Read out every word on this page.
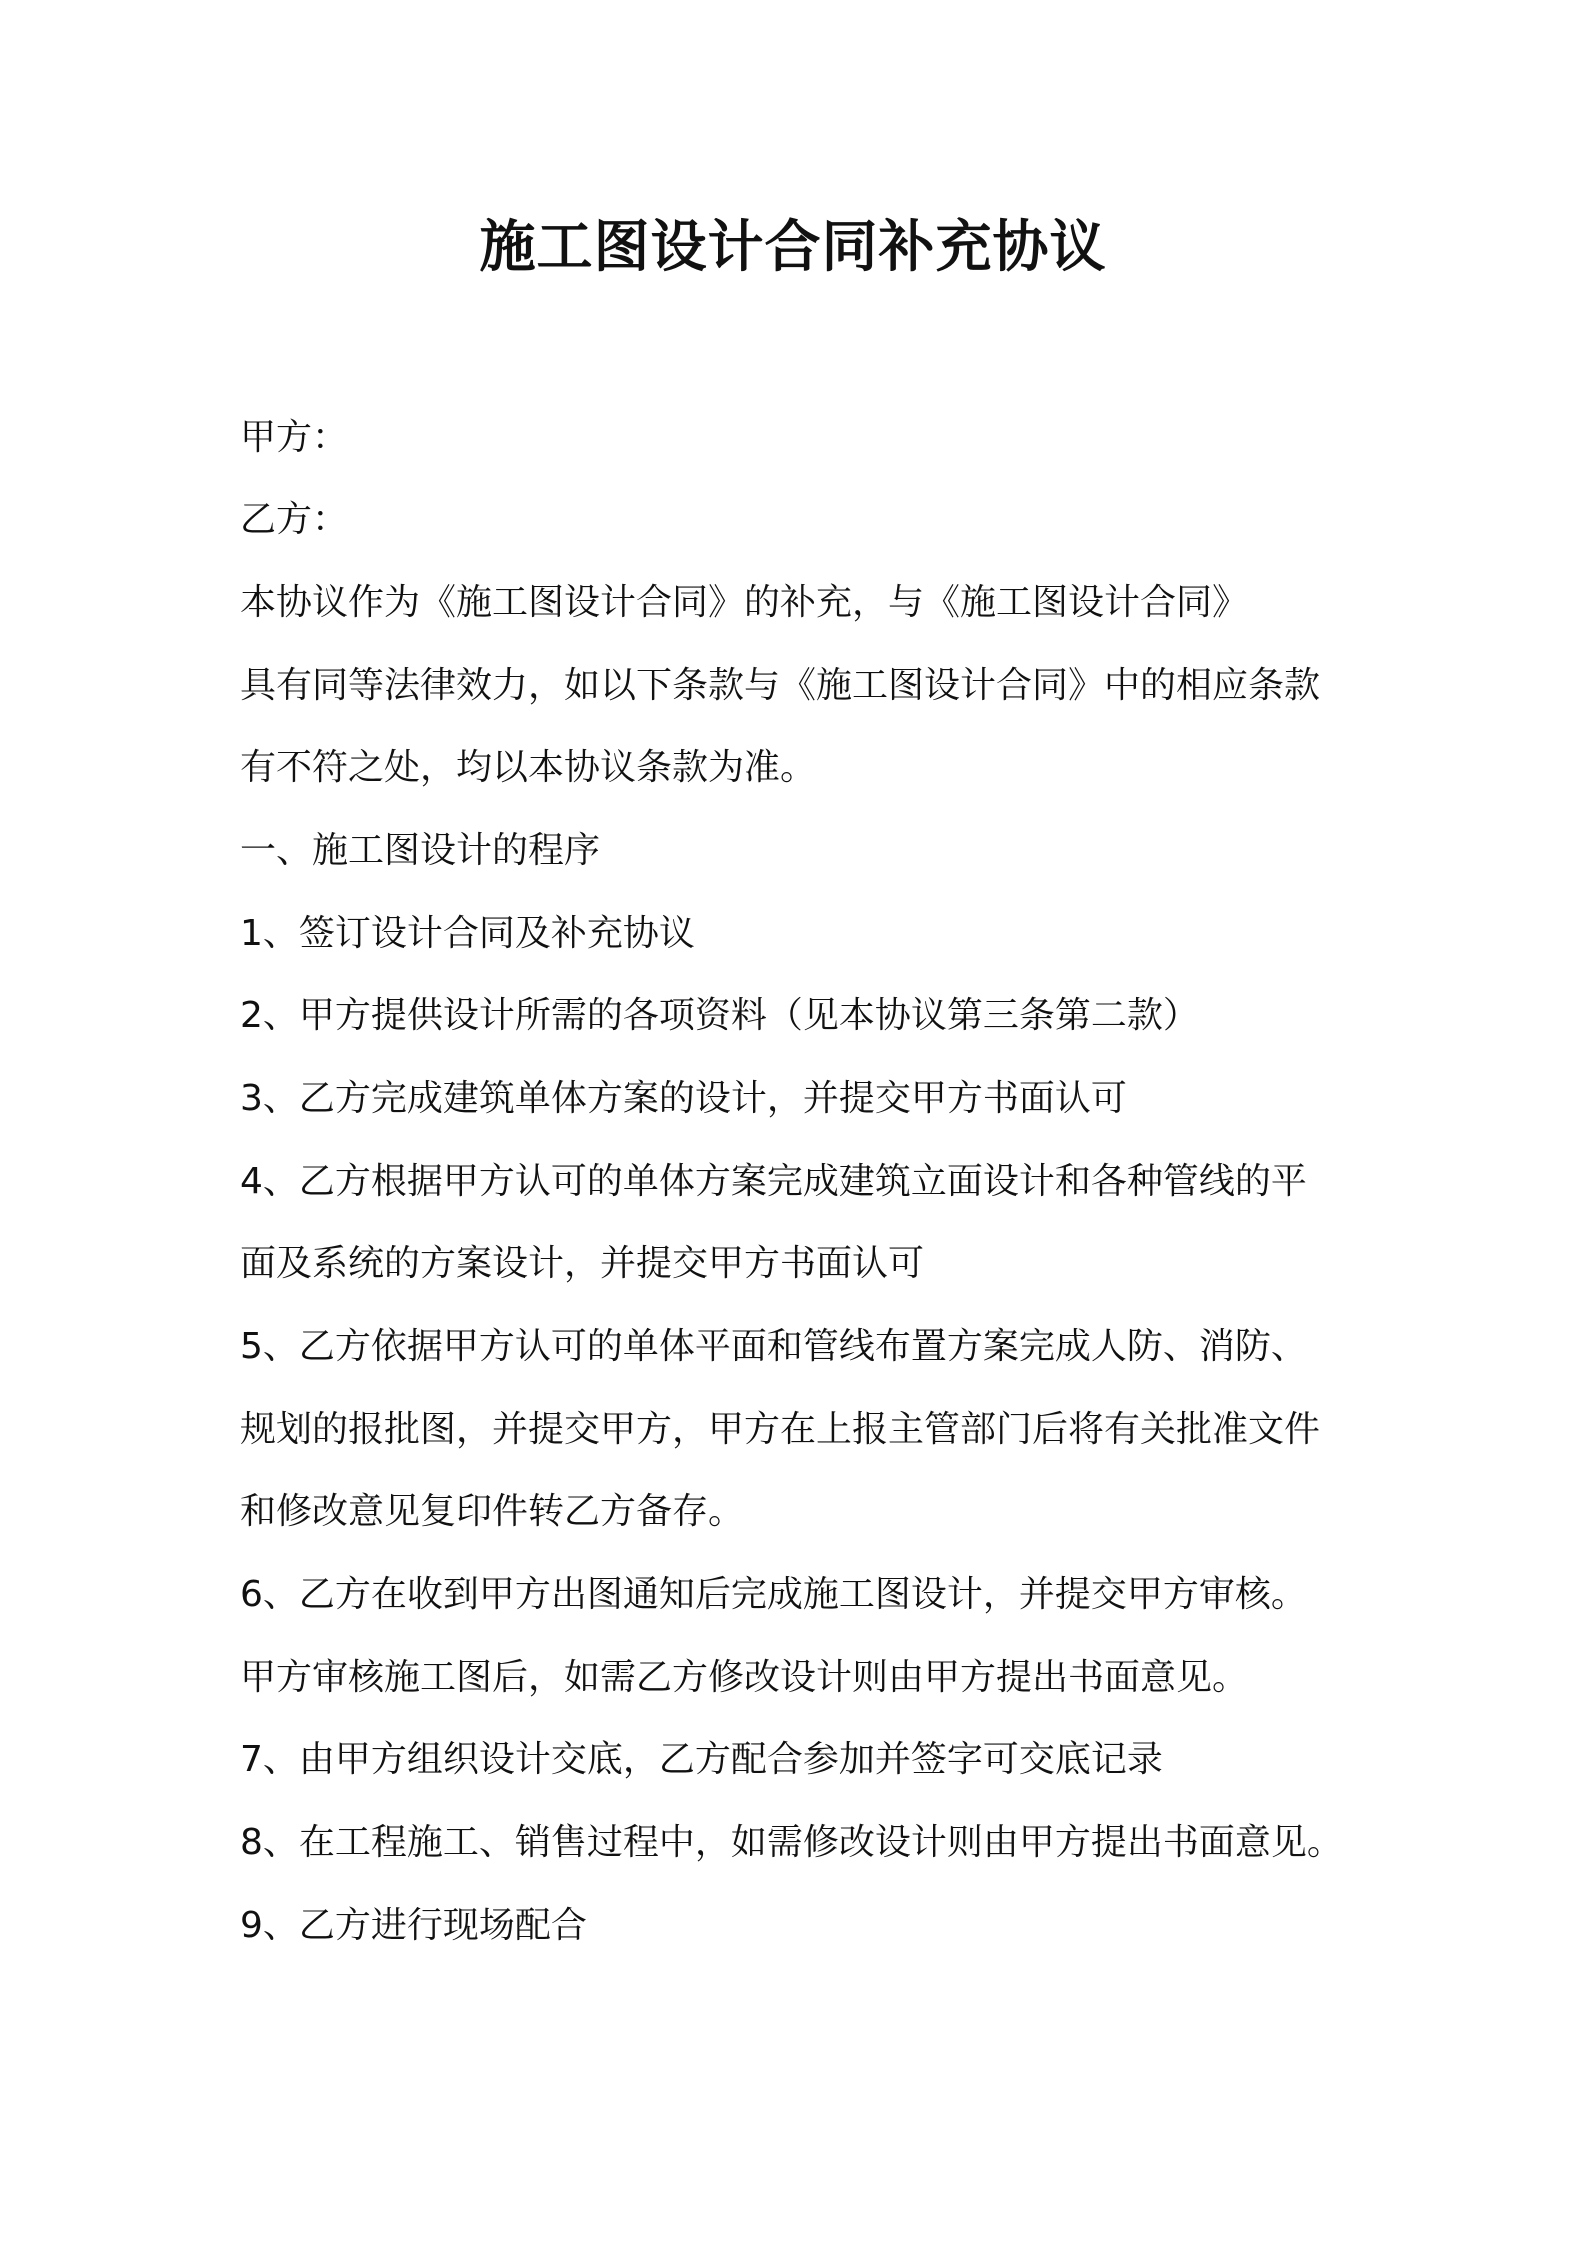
施工图设计合同补充协议

甲方：

乙方：

本协议作为《施工图设计合同》的补充，与《施工图设计合同》

具有同等法律效力，如以下条款与《施工图设计合同》中的相应条款

有不符之处，均以本协议条款为准。

一、施工图设计的程序

1、签订设计合同及补充协议

2、甲方提供设计所需的各项资料（见本协议第三条第二款）

3、乙方完成建筑单体方案的设计，并提交甲方书面认可

4、乙方根据甲方认可的单体方案完成建筑立面设计和各种管线的平

面及系统的方案设计，并提交甲方书面认可

5、乙方依据甲方认可的单体平面和管线布置方案完成人防、消防、

规划的报批图，并提交甲方，甲方在上报主管部门后将有关批准文件

和修改意见复印件转乙方备存。

6、乙方在收到甲方出图通知后完成施工图设计，并提交甲方审核。

甲方审核施工图后，如需乙方修改设计则由甲方提出书面意见。

7、由甲方组织设计交底，乙方配合参加并签字可交底记录

8、在工程施工、销售过程中，如需修改设计则由甲方提出书面意见。

9、乙方进行现场配合
